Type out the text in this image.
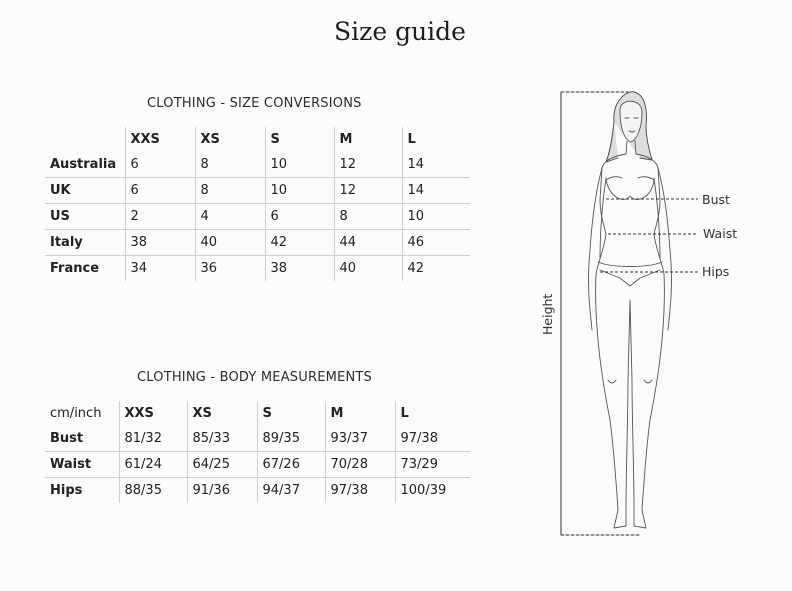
Size guide
CLOTHING - SIZE CONVERSIONS
	XXS	XS	S	M	L
Australia	6	8	10	12	14
UK	6	8	10	12	14
US	2	4	6	8	10
Italy	38	40	42	44	46
France	34	36	38	40	42
CLOTHING - BODY MEASUREMENTS
cm/inch	XXS	XS	S	M	L
Bust	81/32	85/33	89/35	93/37	97/38
Waist	61/24	64/25	67/26	70/28	73/29
Hips	88/35	91/36	94/37	97/38	100/39
Bust
Waist
Hips
Height
